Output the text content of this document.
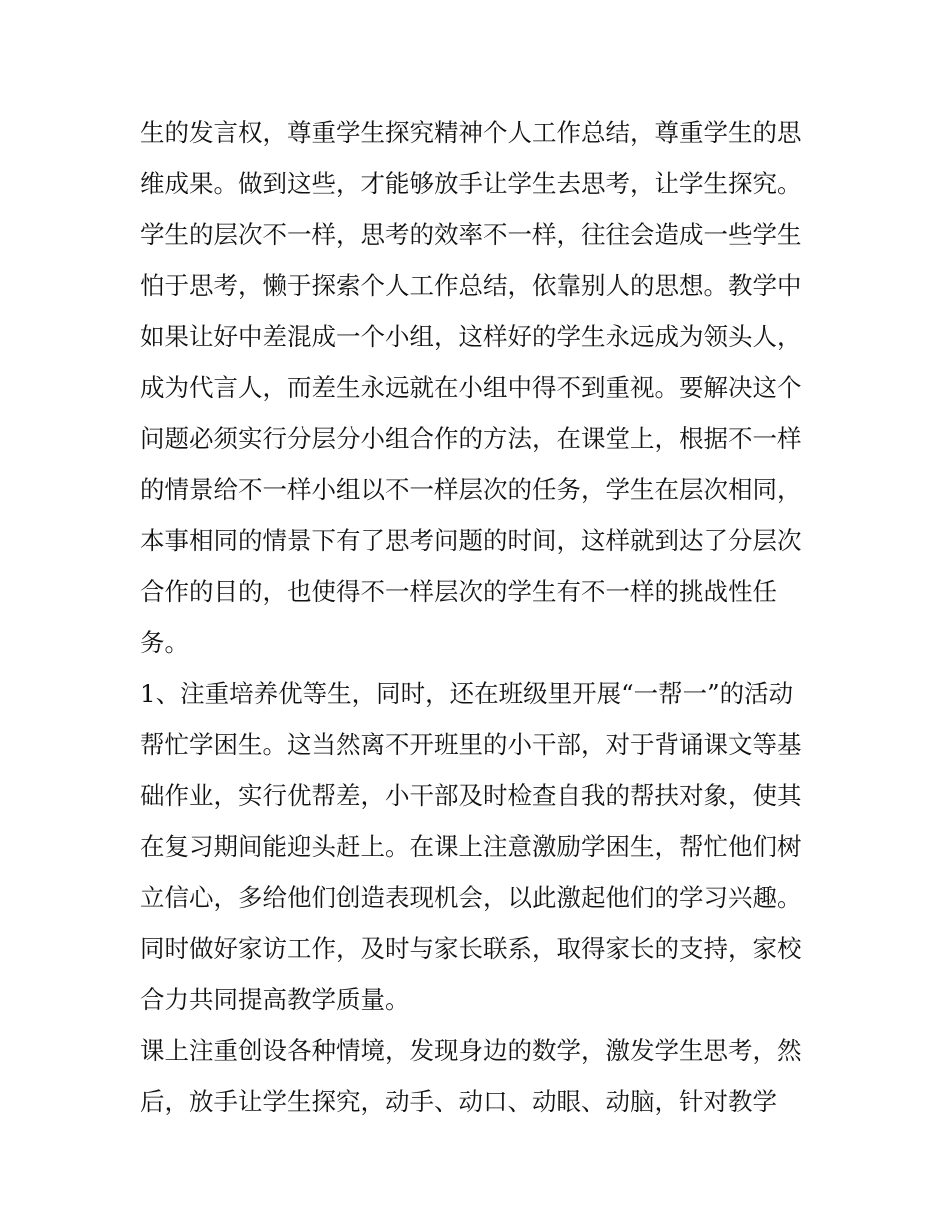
生的发言权，尊重学生探究精神个人工作总结，尊重学生的思
维成果。做到这些，才能够放手让学生去思考，让学生探究。
学生的层次不一样，思考的效率不一样，往往会造成一些学生
怕于思考，懒于探索个人工作总结，依靠别人的思想。教学中
如果让好中差混成一个小组，这样好的学生永远成为领头人，
成为代言人，而差生永远就在小组中得不到重视。要解决这个
问题必须实行分层分小组合作的方法，在课堂上，根据不一样
的情景给不一样小组以不一样层次的任务，学生在层次相同，
本事相同的情景下有了思考问题的时间，这样就到达了分层次
合作的目的，也使得不一样层次的学生有不一样的挑战性任
务。
1、注重培养优等生，同时，还在班级里开展“一帮一”的活动
帮忙学困生。这当然离不开班里的小干部，对于背诵课文等基
础作业，实行优帮差，小干部及时检查自我的帮扶对象，使其
在复习期间能迎头赶上。在课上注意激励学困生，帮忙他们树
立信心，多给他们创造表现机会，以此激起他们的学习兴趣。
同时做好家访工作，及时与家长联系，取得家长的支持，家校
合力共同提高教学质量。
课上注重创设各种情境，发现身边的数学，激发学生思考，然
后，放手让学生探究，动手、动口、动眼、动脑，针对教学
